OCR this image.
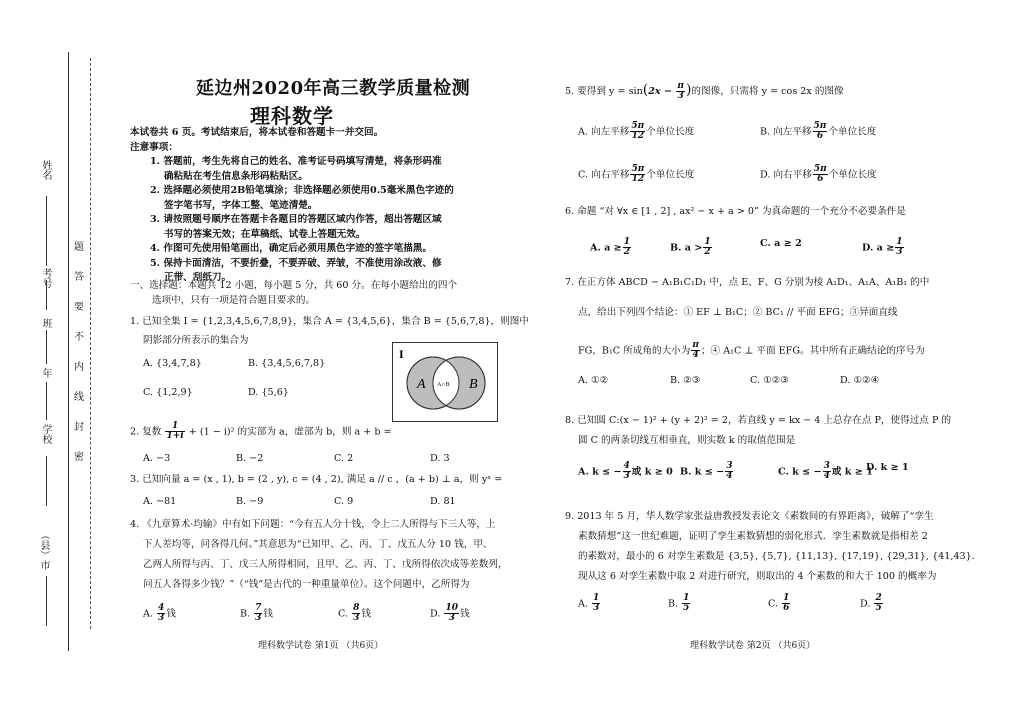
姓名
考号
班
年
学校
（县）市
题
答
要
不
内
线
封
密
延边州2020年高三教学质量检测
理科数学
本试卷共 6 页。考试结束后，将本试卷和答题卡一并交回。
注意事项：
1. 答题前，考生先将自己的姓名、准考证号码填写清楚，将条形码准
确粘贴在考生信息条形码粘贴区。
2. 选择题必须使用2B铅笔填涂；非选择题必须使用0.5毫米黑色字迹的
签字笔书写，字体工整、笔迹清楚。
3. 请按照题号顺序在答题卡各题目的答题区域内作答，超出答题区域
书写的答案无效；在草稿纸、试卷上答题无效。
4. 作图可先使用铅笔画出，确定后必须用黑色字迹的签字笔描黑。
5. 保持卡面清洁，不要折叠，不要弄破、弄皱，不准使用涂改液、修
正带、刮纸刀。
一、选择题：本题共 12 小题，每小题 5 分，共 60 分。在每小题给出的四个
选项中，只有一项是符合题目要求的。
1. 已知全集 I = {1,2,3,4,5,6,7,8,9}，集合 A = {3,4,5,6}，集合 B = {5,6,7,8}，则图中
阴影部分所表示的集合为
A. {3,4,7,8}	B. {3,4,5,6,7,8}
C. {1,2,9}	D. {5,6}
I
A	B
A∩B
2. 复数 $\frac{1}{1+i} + (1 - i)^2$ 的实部为 a，虚部为 b，则 a + b =
A. −3	B. −2	C. 2	D. 3
3. 已知向量 a = (x , 1), b = (2 , y), c = (4 , 2), 满足 a // c ，(a + b) ⊥ a，则 yˣ =
A. −81	B. −9	C. 9	D. 81
4. 《九章算术·均输》中有如下问题：“今有五人分十钱，令上二人所得与下三人等，上
下人差均等，问各得几何。”其意思为“已知甲、乙、丙、丁、戊五人分 10 钱，甲、
乙两人所得与丙、丁、戊三人所得相同，且甲、乙、丙、丁、戊所得依次成等差数列，
问五人各得多少钱？”（“钱”是古代的一种重量单位）。这个问题中，乙所得为
A. $\frac{4}{3}$ 钱	B. $\frac{7}{3}$ 钱	C. $\frac{8}{3}$ 钱	D. $\frac{10}{3}$ 钱
理科数学试卷 第1页 （共6页）
5. 要得到 $y = \sin(2x - \frac{\pi}{3}$ )的图像，只需将 y = cos 2x 的图像
A. 向左平移 $\frac{5\pi}{12}$ 个单位长度	B. 向左平移 $\frac{5\pi}{6}$ 个单位长度
C. 向右平移 $\frac{5\pi}{12}$ 个单位长度	D. 向右平移 $\frac{5\pi}{6}$ 个单位长度
6. 命题 “对 ∀x ∈ [1 , 2] , ax² − x + a > 0” 为真命题的一个充分不必要条件是
A. $a \ge \frac{1}{2}$	B. $a > \frac{1}{2}$	C. a ≥ 2	D. $a \ge \frac{1}{3}$
7. 在正方体 ABCD − A₁B₁C₁D₁ 中，点 E、F、G 分别为棱 A₁D₁、A₁A、A₁B₁ 的中
点，给出下列四个结论：① EF ⊥ B₁C；② BC₁ // 平面 EFG；③异面直线
FG，B₁C 所成角的大小为 $\frac{\pi}{4}$ ；④ A₁C ⊥ 平面 EFG。其中所有正确结论的序号为
A. ①②	B. ②③	C. ①②③	D. ①②④
8. 已知圆 C:(x − 1)² + (y + 2)² = 2，若直线 y = kx − 4 上总存在点 P，使得过点 P 的
圆 C 的两条切线互相垂直，则实数 k 的取值范围是
A. k ≤ − $\frac{4}{3}$ 或 k ≥ 0 B. k ≤ − $\frac{3}{4}$	C. k ≤ − $\frac{3}{4}$ 或 k ≥ 1
D. k ≥ 1
9. 2013 年 5 月，华人数学家张益唐教授发表论文《素数间的有界距离》，破解了“孪生
素数猜想”这一世纪难题，证明了孪生素数猜想的弱化形式．孪生素数就是指相差 2
的素数对，最小的 6 对孪生素数是 {3,5}, {5,7}, {11,13}, {17,19}, {29,31}, {41,43}．
现从这 6 对孪生素数中取 2 对进行研究，则取出的 4 个素数的和大于 100 的概率为
A. $\frac{1}{3}$	B. $\frac{1}{5}$	C. $\frac{1}{6}$	D. $\frac{2}{5}$
理科数学试卷 第2页 （共6页）
